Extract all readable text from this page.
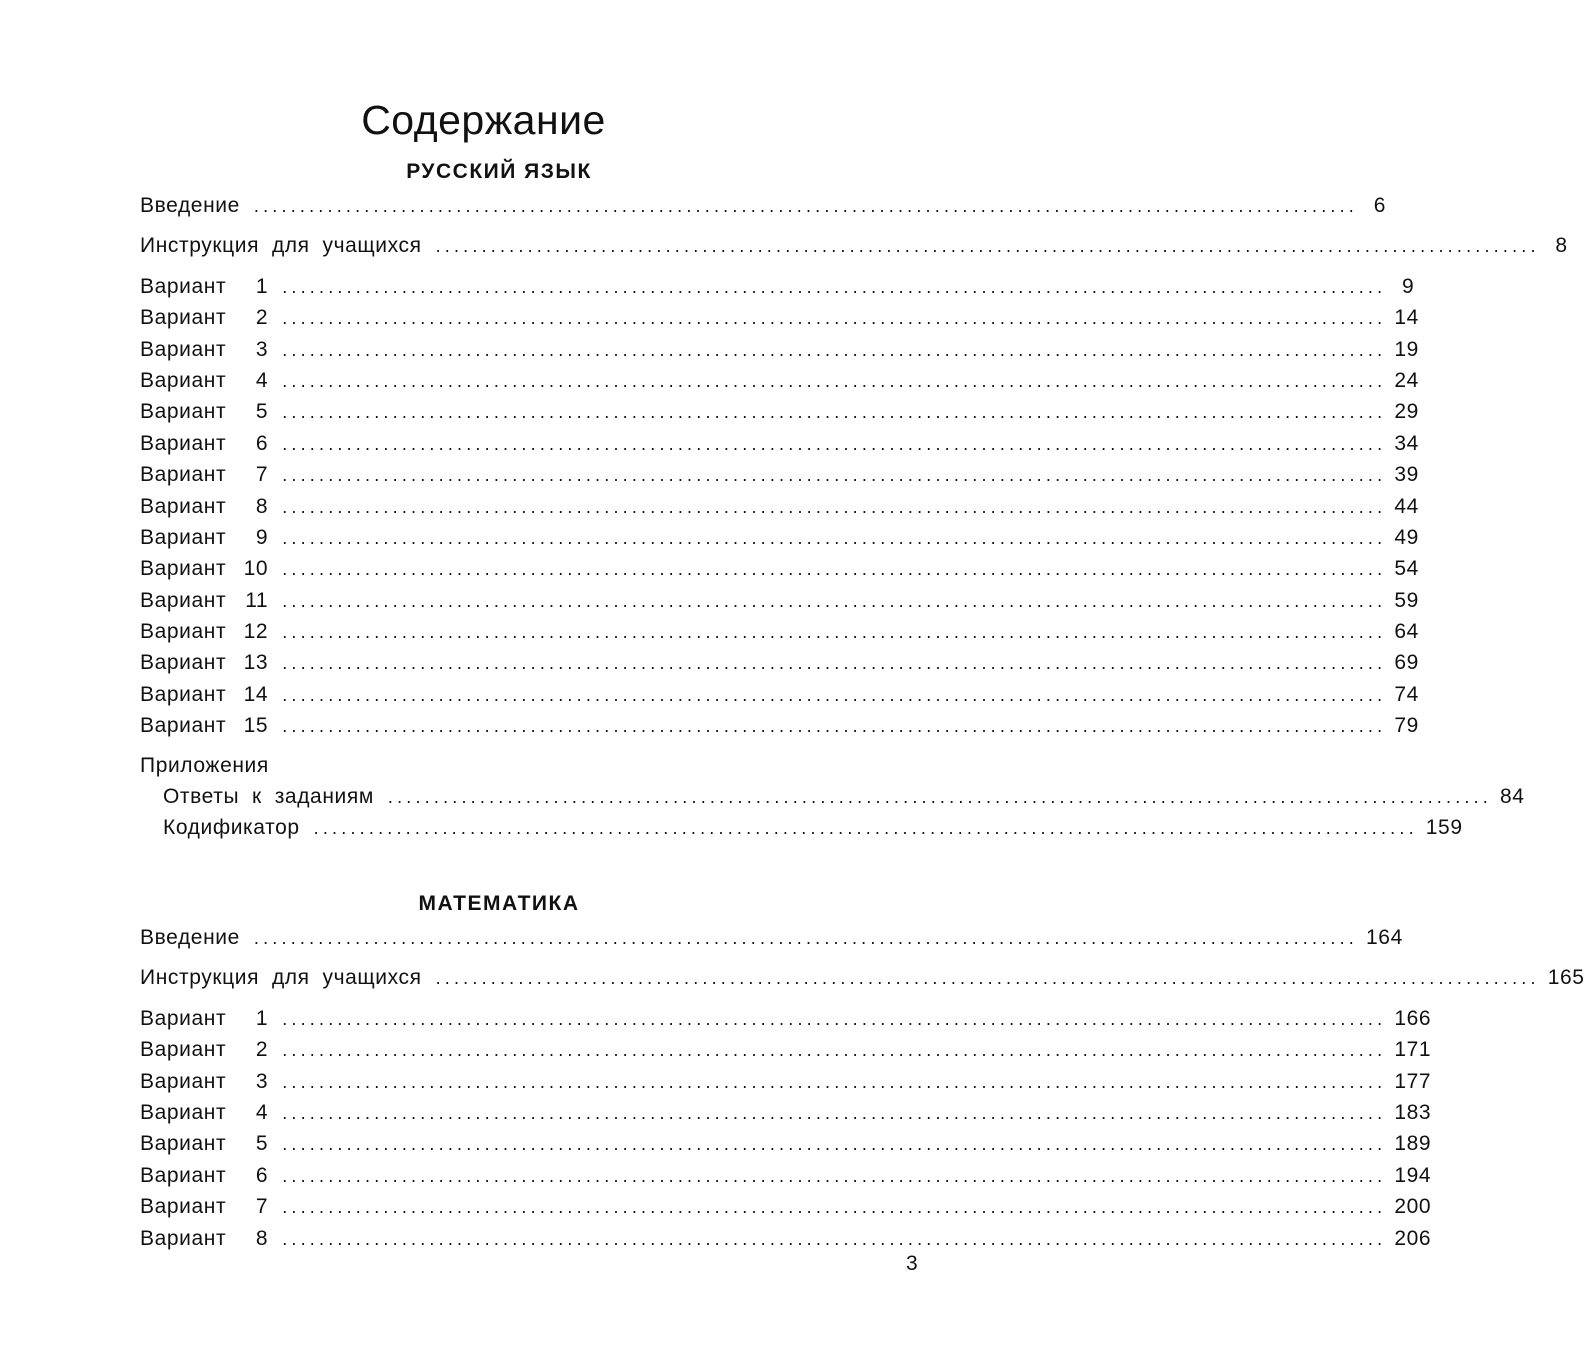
Содержание
РУССКИЙ ЯЗЫК
Введение ........................................................................................................................ 6
Инструкция  для  учащихся ........................................................................................................................ 8
Вариант 1 ........................................................................................................................ 9
Вариант 2 ........................................................................................................................ 14
Вариант 3 ........................................................................................................................ 19
Вариант 4 ........................................................................................................................ 24
Вариант 5 ........................................................................................................................ 29
Вариант 6 ........................................................................................................................ 34
Вариант 7 ........................................................................................................................ 39
Вариант 8 ........................................................................................................................ 44
Вариант 9 ........................................................................................................................ 49
Вариант 10 ........................................................................................................................ 54
Вариант 11 ........................................................................................................................ 59
Вариант 12 ........................................................................................................................ 64
Вариант 13 ........................................................................................................................ 69
Вариант 14 ........................................................................................................................ 74
Вариант 15 ........................................................................................................................ 79
Приложения
Ответы  к  заданиям ........................................................................................................................ 84
Кодификатор ........................................................................................................................ 159
МАТЕМАТИКА
Введение ........................................................................................................................ 164
Инструкция  для  учащихся ........................................................................................................................ 165
Вариант 1 ........................................................................................................................ 166
Вариант 2 ........................................................................................................................ 171
Вариант 3 ........................................................................................................................ 177
Вариант 4 ........................................................................................................................ 183
Вариант 5 ........................................................................................................................ 189
Вариант 6 ........................................................................................................................ 194
Вариант 7 ........................................................................................................................ 200
Вариант 8 ........................................................................................................................ 206
3
